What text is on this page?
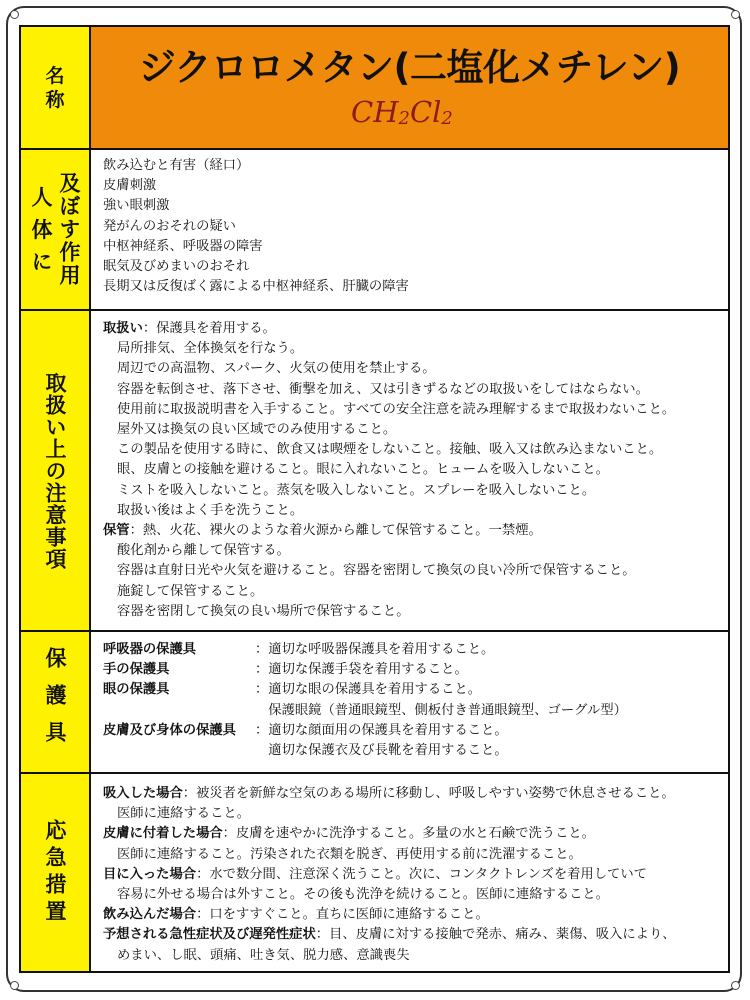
名称
ジクロロメタン(二塩化メチレン)
$CH_2Cl_2$
人 体 に 及ぼす作用
飲み込むと有害（経口）
皮膚刺激
強い眼刺激
発がんのおそれの疑い
中枢神経系、呼吸器の障害
眠気及びめまいのおそれ
長期又は反復ばく露による中枢神経系、肝臓の障害
取扱い上の注意事項
取扱い：保護具を着用する。
局所排気、全体換気を行なう。
周辺での高温物、スパーク、火気の使用を禁止する。
容器を転倒させ、落下させ、衝撃を加え、又は引きずるなどの取扱いをしてはならない。
使用前に取扱説明書を入手すること。すべての安全注意を読み理解するまで取扱わないこと。
屋外又は換気の良い区域でのみ使用すること。
この製品を使用する時に、飲食又は喫煙をしないこと。接触、吸入又は飲み込まないこと。
眼、皮膚との接触を避けること。眼に入れないこと。ヒュームを吸入しないこと。
ミストを吸入しないこと。蒸気を吸入しないこと。スプレーを吸入しないこと。
取扱い後はよく手を洗うこと。
保管：熱、火花、裸火のような着火源から離して保管すること。一禁煙。
酸化剤から離して保管する。
容器は直射日光や火気を避けること。容器を密閉して換気の良い冷所で保管すること。
施錠して保管すること。
容器を密閉して換気の良い場所で保管すること。
保護具	呼吸器の保護具	：適切な呼吸器保護具を着用すること。
手の保護具	：適切な保護手袋を着用すること。
眼の保護具	：適切な眼の保護具を着用すること。
　保護眼鏡（普通眼鏡型、側板付き普通眼鏡型、ゴーグル型）
皮膚及び身体の保護具	：適切な顔面用の保護具を着用すること。
　適切な保護衣及び長靴を着用すること。
応急措置
吸入した場合：被災者を新鮮な空気のある場所に移動し、呼吸しやすい姿勢で休息させること。
医師に連絡すること。
皮膚に付着した場合：皮膚を速やかに洗浄すること。多量の水と石鹸で洗うこと。
医師に連絡すること。汚染された衣類を脱ぎ、再使用する前に洗濯すること。
目に入った場合：水で数分間、注意深く洗うこと。次に、コンタクトレンズを着用していて
容易に外せる場合は外すこと。その後も洗浄を続けること。医師に連絡すること。
飲み込んだ場合：口をすすぐこと。直ちに医師に連絡すること。
予想される急性症状及び遅発性症状：目、皮膚に対する接触で発赤、痛み、薬傷、吸入により、
めまい、し眠、頭痛、吐き気、脱力感、意識喪失
